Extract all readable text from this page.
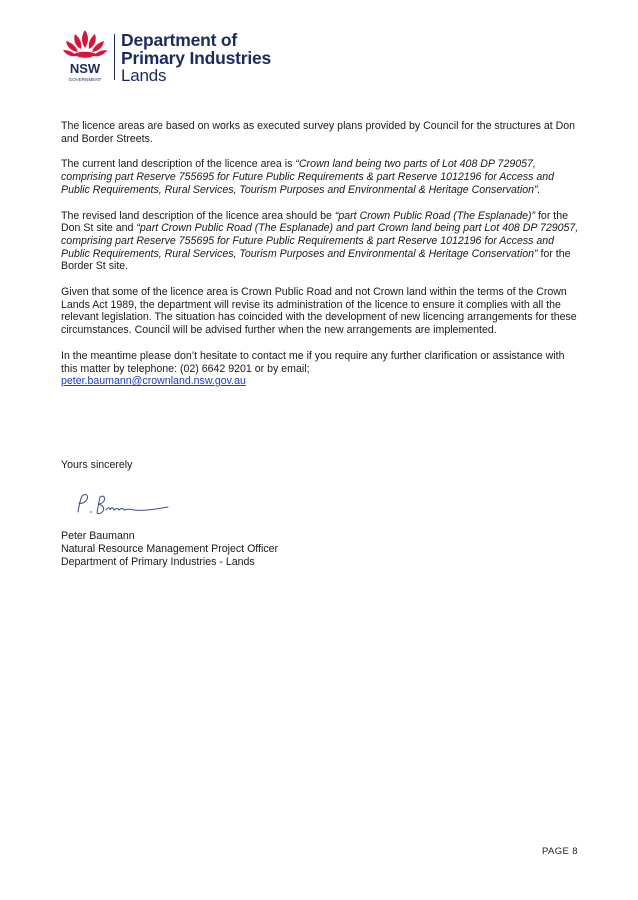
NSW
GOVERNMENT
Department of
Primary Industries
Lands

The licence areas are based on works as executed survey plans provided by Council for the structures at Don and Border Streets.

The current land description of the licence area is “Crown land being two parts of Lot 408 DP 729057, comprising part Reserve 755695 for Future Public Requirements & part Reserve 1012196 for Access and Public Requirements, Rural Services, Tourism Purposes and Environmental & Heritage Conservation”.

The revised land description of the licence area should be “part Crown Public Road (The Esplanade)” for the Don St site and “part Crown Public Road (The Esplanade) and part Crown land being part Lot 408 DP 729057, comprising part Reserve 755695 for Future Public Requirements & part Reserve 1012196 for Access and Public Requirements, Rural Services, Tourism Purposes and Environmental & Heritage Conservation” for the Border St site.

Given that some of the licence area is Crown Public Road and not Crown land within the terms of the Crown Lands Act 1989, the department will revise its administration of the licence to ensure it complies with all the relevant legislation. The situation has coincided with the development of new licencing arrangements for these circumstances. Council will be advised further when the new arrangements are implemented.

In the meantime please don’t hesitate to contact me if you require any further clarification or assistance with this matter by telephone: (02) 6642 9201 or by email;
peter.baumann@crownland.nsw.gov.au

Yours sincerely
Peter Baumann
Natural Resource Management Project Officer
Department of Primary Industries - Lands
PAGE 8
